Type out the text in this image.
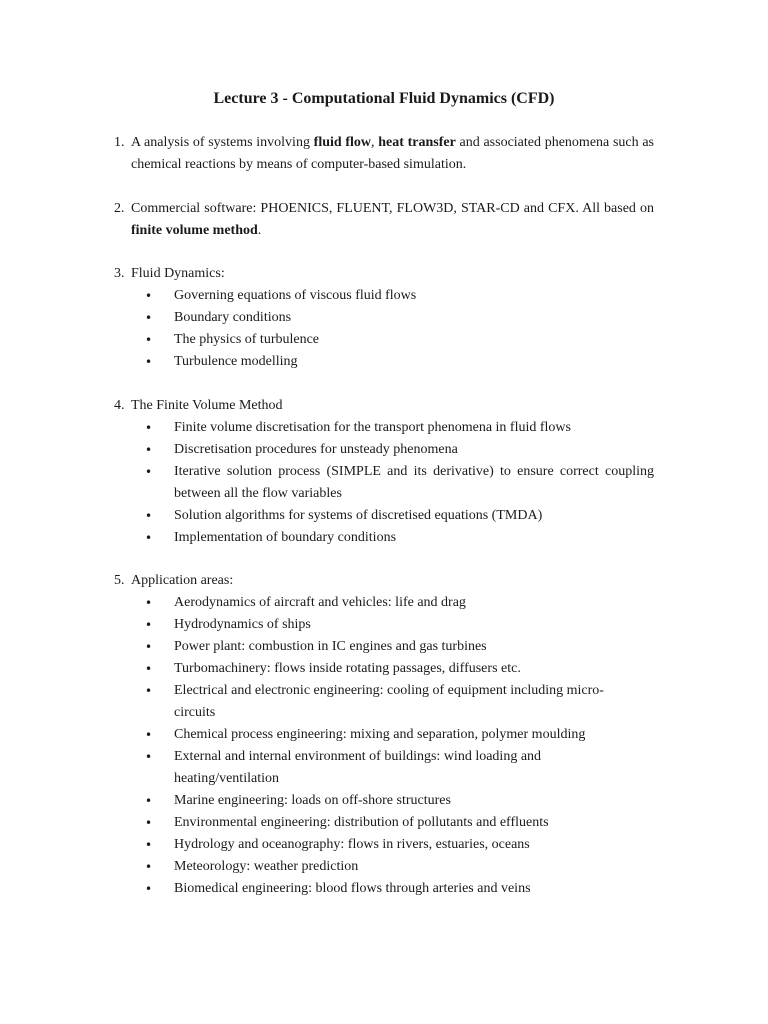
Lecture 3 - Computational Fluid Dynamics (CFD)
1. A analysis of systems involving fluid flow, heat transfer and associated phenomena such as chemical reactions by means of computer-based simulation.
2. Commercial software: PHOENICS, FLUENT, FLOW3D, STAR-CD and CFX. All based on finite volume method.
3. Fluid Dynamics:
•	Governing equations of viscous fluid flows
•	Boundary conditions
•	The physics of turbulence
•	Turbulence modelling
4. The Finite Volume Method
•	Finite volume discretisation for the transport phenomena in fluid flows
•	Discretisation procedures for unsteady phenomena
•	Iterative solution process (SIMPLE and its derivative) to ensure correct coupling between all the flow variables
•	Solution algorithms for systems of discretised equations (TMDA)
•	Implementation of boundary conditions
5. Application areas:
•	Aerodynamics of aircraft and vehicles: life and drag
•	Hydrodynamics of ships
•	Power plant: combustion in IC engines and gas turbines
•	Turbomachinery: flows inside rotating passages, diffusers etc.
•	Electrical and electronic engineering: cooling of equipment including micro-circuits
•	Chemical process engineering: mixing and separation, polymer moulding
•	External and internal environment of buildings: wind loading and heating/ventilation
•	Marine engineering: loads on off-shore structures
•	Environmental engineering: distribution of pollutants and effluents
•	Hydrology and oceanography: flows in rivers, estuaries, oceans
•	Meteorology: weather prediction
•	Biomedical engineering: blood flows through arteries and veins
